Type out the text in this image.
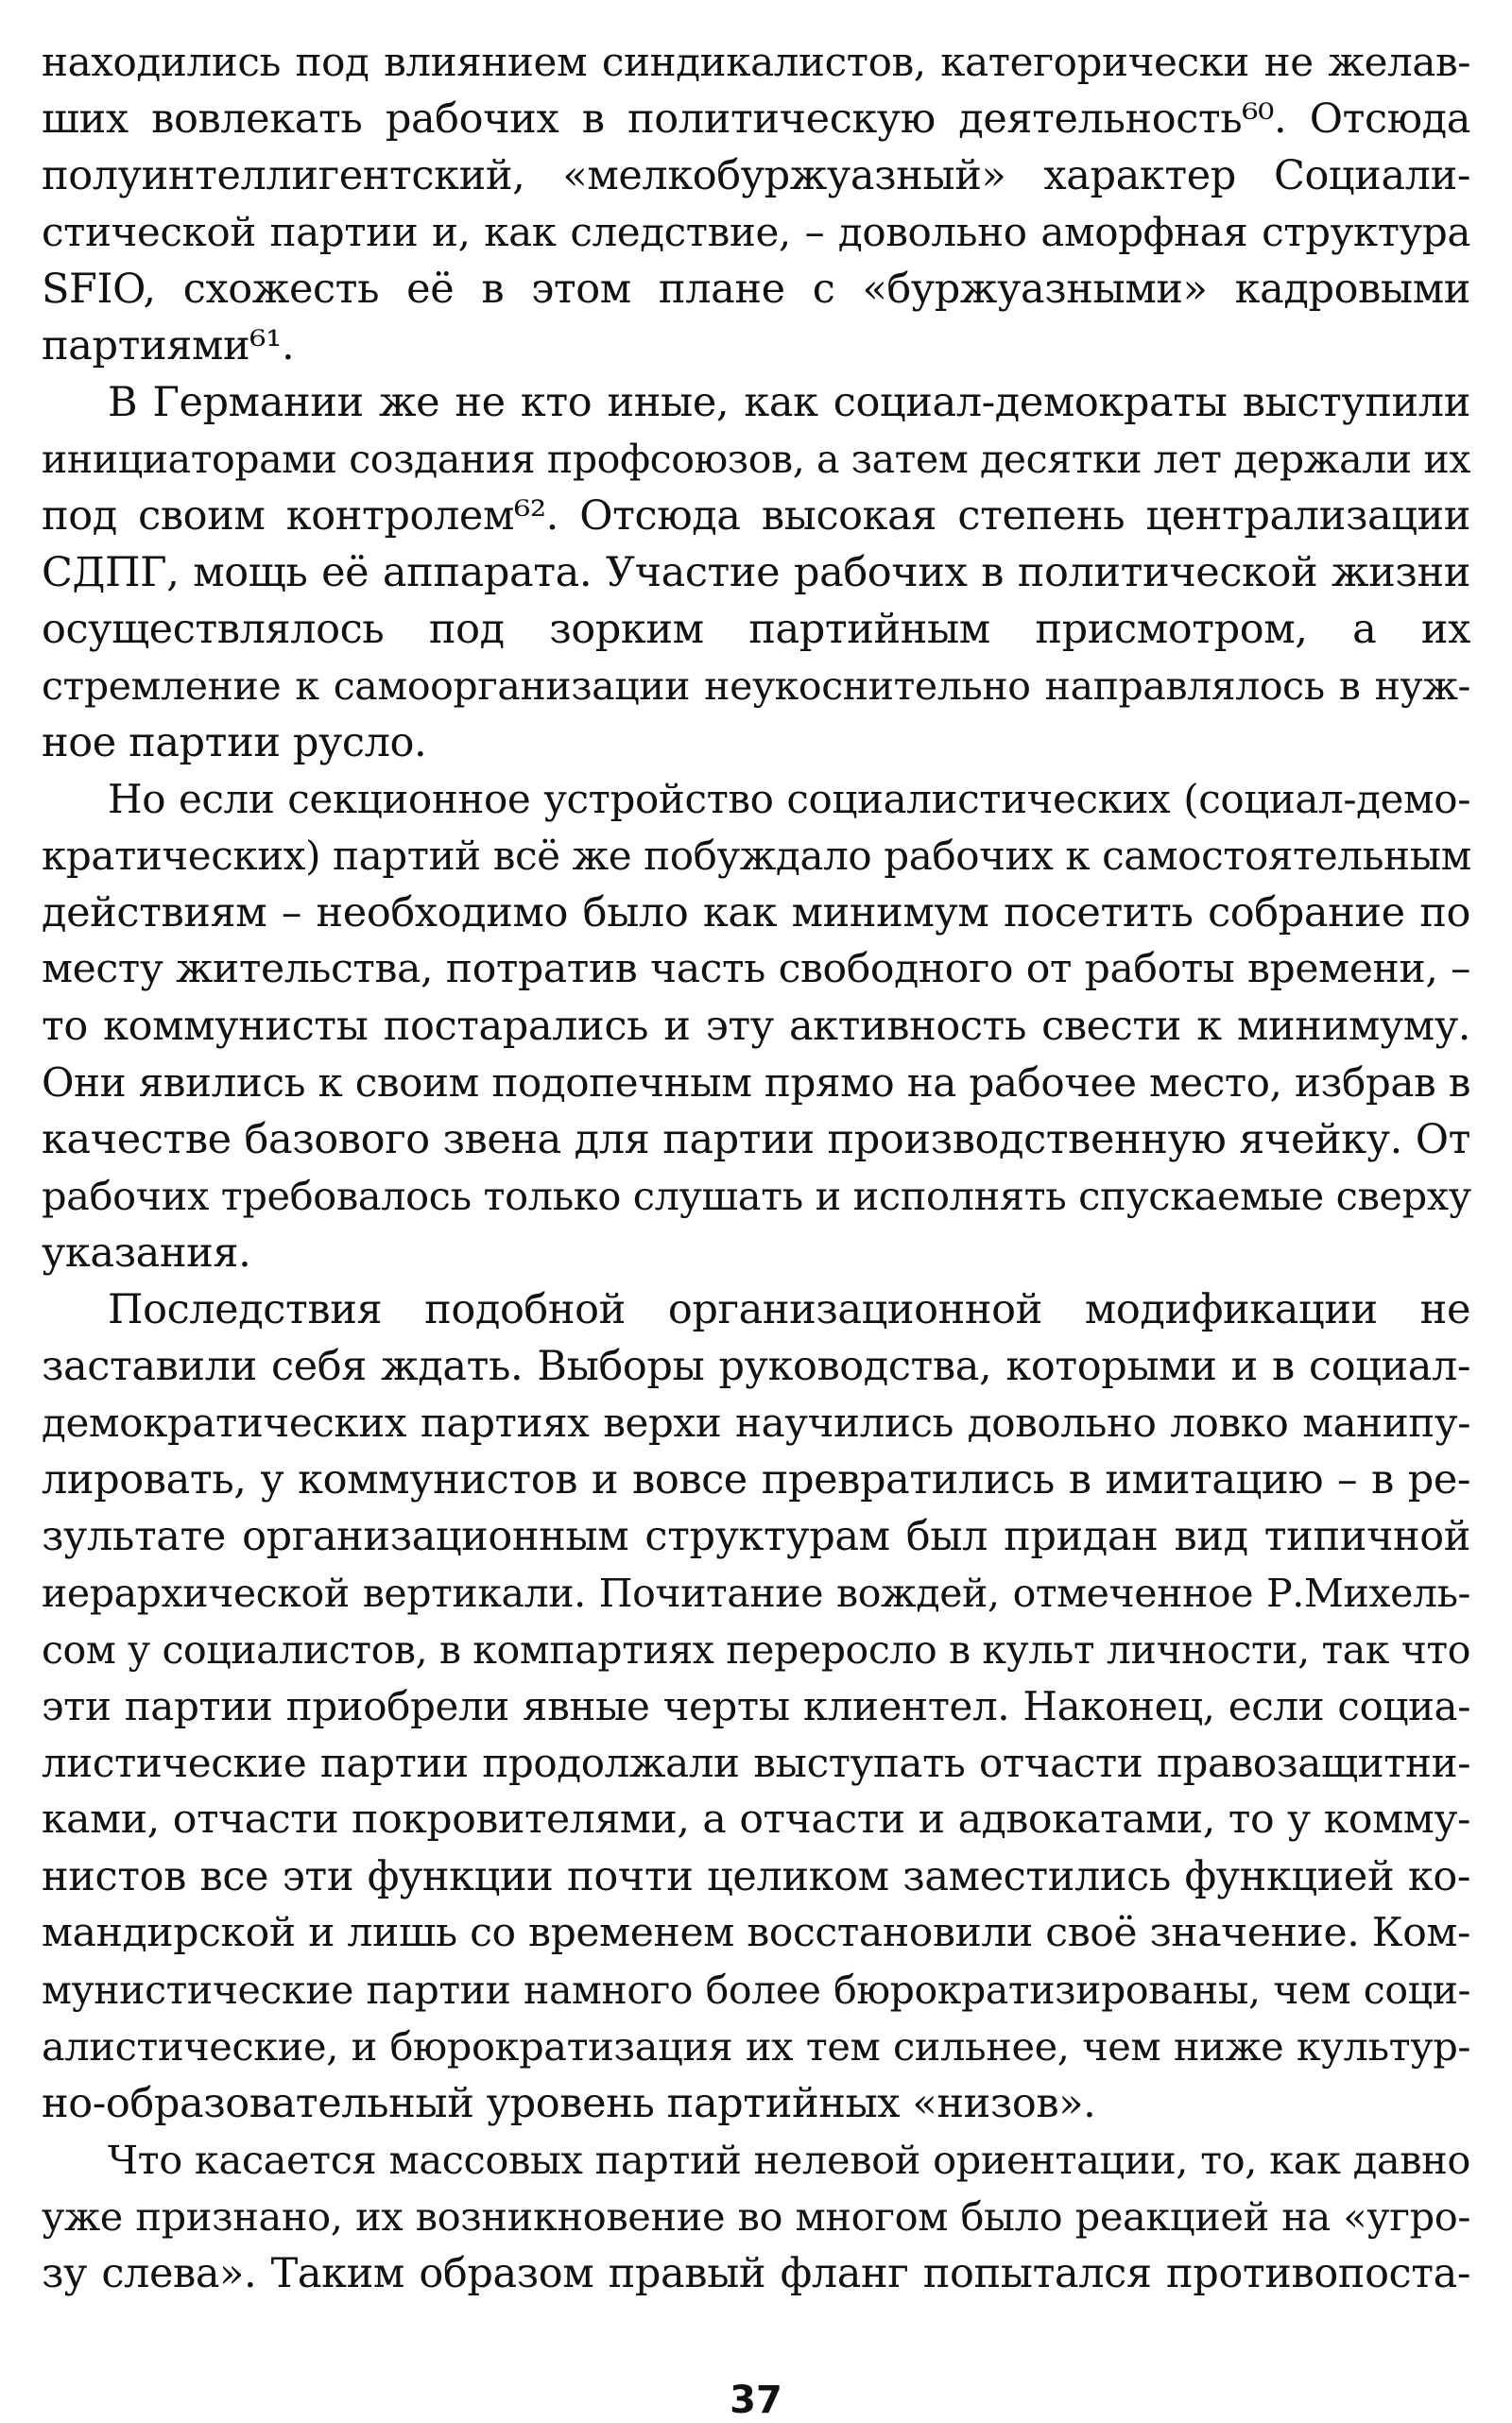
находились под влиянием синдикалистов, категорически не желав-
ших вовлекать рабочих в политическую деятельность⁶⁰. Отсюда
полуинтеллигентский, «мелкобуржуазный» характер Социали-
стической партии и, как следствие, – довольно аморфная структура
SFIO, схожесть её в этом плане с «буржуазными» кадровыми
партиями⁶¹.
В Германии же не кто иные, как социал-демократы выступили
инициаторами создания профсоюзов, а затем десятки лет держали их
под своим контролем⁶². Отсюда высокая степень централизации
СДПГ, мощь её аппарата. Участие рабочих в политической жизни
осуществлялось под зорким партийным присмотром, а их
стремление к самоорганизации неукоснительно направлялось в нуж-
ное партии русло.
Но если секционное устройство социалистических (социал-демо-
кратических) партий всё же побуждало рабочих к самостоятельным
действиям – необходимо было как минимум посетить собрание по
месту жительства, потратив часть свободного от работы времени, –
то коммунисты постарались и эту активность свести к минимуму.
Они явились к своим подопечным прямо на рабочее место, избрав в
качестве базового звена для партии производственную ячейку. От
рабочих требовалось только слушать и исполнять спускаемые сверху
указания.
Последствия подобной организационной модификации не
заставили себя ждать. Выборы руководства, которыми и в социал-
демократических партиях верхи научились довольно ловко манипу-
лировать, у коммунистов и вовсе превратились в имитацию – в ре-
зультате организационным структурам был придан вид типичной
иерархической вертикали. Почитание вождей, отмеченное Р.Михель-
сом у социалистов, в компартиях переросло в культ личности, так что
эти партии приобрели явные черты клиентел. Наконец, если социа-
листические партии продолжали выступать отчасти правозащитни-
ками, отчасти покровителями, а отчасти и адвокатами, то у комму-
нистов все эти функции почти целиком заместились функцией ко-
мандирской и лишь со временем восстановили своё значение. Ком-
мунистические партии намного более бюрократизированы, чем соци-
алистические, и бюрократизация их тем сильнее, чем ниже культур-
но-образовательный уровень партийных «низов».
Что касается массовых партий нелевой ориентации, то, как давно
уже признано, их возникновение во многом было реакцией на «угро-
зу слева». Таким образом правый фланг попытался противопоста-
37
